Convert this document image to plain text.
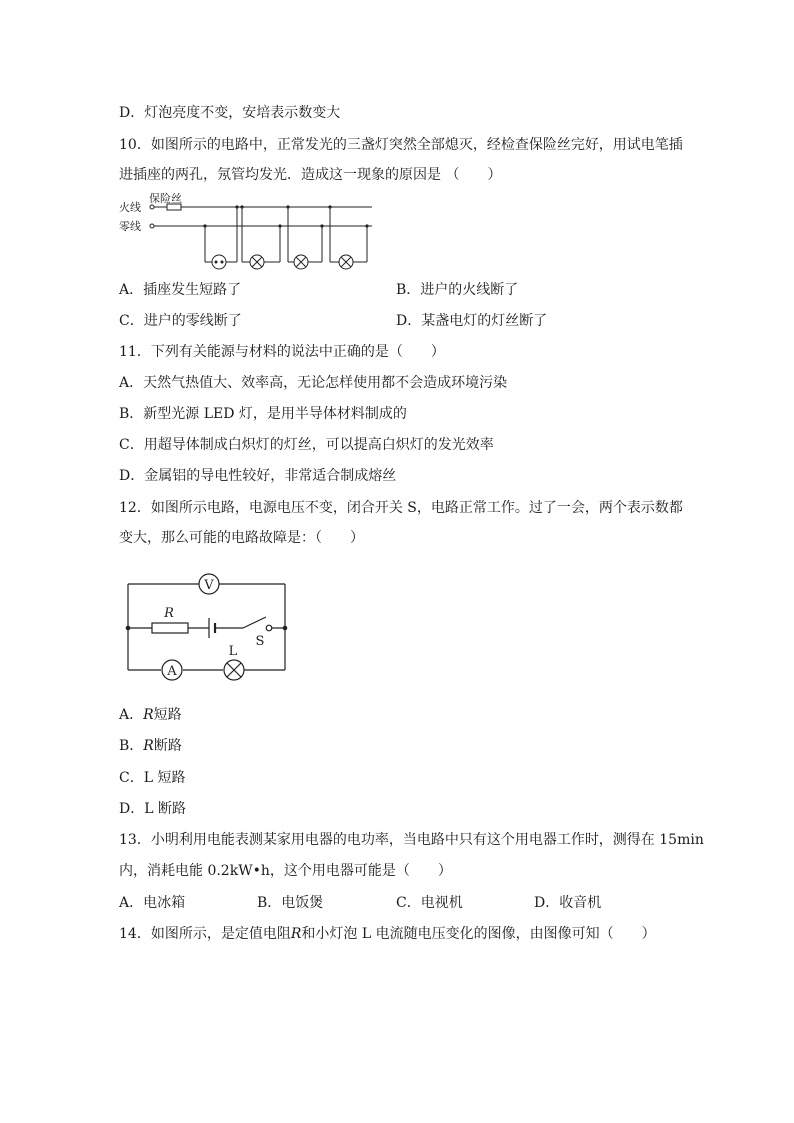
D．灯泡亮度不变，安培表示数变大
10．如图所示的电路中，正常发光的三盏灯突然全部熄灭，经检查保险丝完好，用试电笔插
进插座的两孔，氖管均发光．造成这一现象的原因是 （　　）
火线
零线
保险丝
A．插座发生短路了	B．进户的火线断了
C．进户的零线断了	D．某盏电灯的灯丝断了
11．下列有关能源与材料的说法中正确的是（　　）
A．天然气热值大、效率高，无论怎样使用都不会造成环境污染
B．新型光源 LED 灯，是用半导体材料制成的
C．用超导体制成白炽灯的灯丝，可以提高白炽灯的发光效率
D．金属铝的导电性较好，非常适合制成熔丝
12．如图所示电路，电源电压不变，闭合开关 S，电路正常工作。过了一会，两个表示数都
变大，那么可能的电路故障是：（　　）
V
A
R
S
L
A．R短路
B．R断路
C．L 短路
D．L 断路
13．小明利用电能表测某家用电器的电功率，当电路中只有这个用电器工作时，测得在 15min
内，消耗电能 0.2kW•h，这个用电器可能是（　　）
A．电冰箱	B．电饭煲	C．电视机	D．收音机
14．如图所示，是定值电阻R和小灯泡 L 电流随电压变化的图像，由图像可知（　　）
